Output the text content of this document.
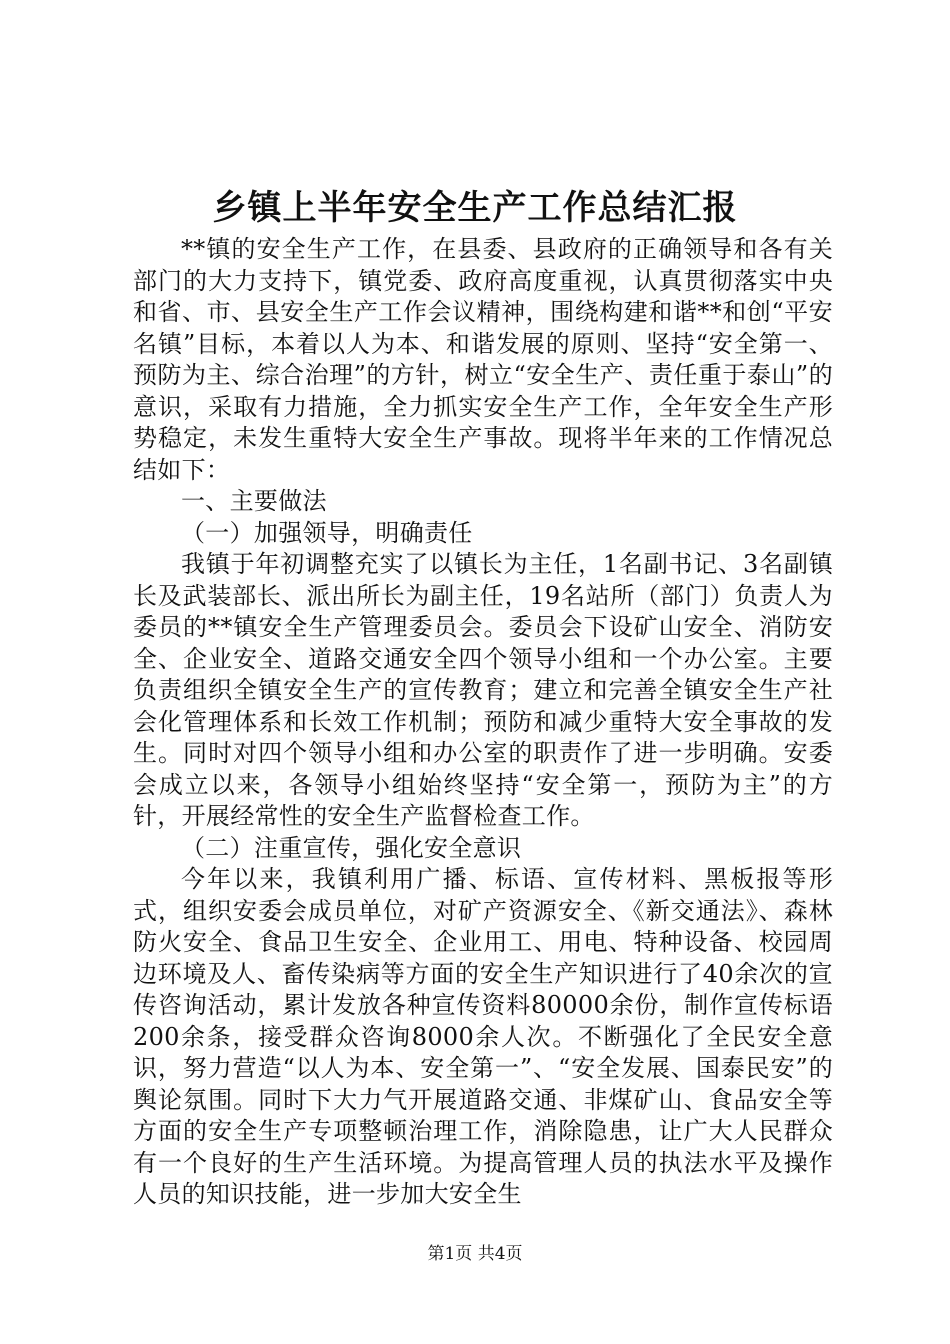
乡镇上半年安全生产工作总结汇报

**镇的安全生产工作，在县委、县政府的正确领导和各有关部门的大力支持下，镇党委、政府高度重视，认真贯彻落实中央和省、市、县安全生产工作会议精神，围绕构建和谐**和创“平安名镇”目标，本着以人为本、和谐发展的原则、坚持“安全第一、预防为主、综合治理”的方针，树立“安全生产、责任重于泰山”的意识，采取有力措施，全力抓实安全生产工作，全年安全生产形势稳定，未发生重特大安全生产事故。现将半年来的工作情况总结如下：

一、主要做法

（一）加强领导，明确责任

我镇于年初调整充实了以镇长为主任，1名副书记、3名副镇长及武装部长、派出所长为副主任，19名站所（部门）负责人为委员的**镇安全生产管理委员会。委员会下设矿山安全、消防安全、企业安全、道路交通安全四个领导小组和一个办公室。主要负责组织全镇安全生产的宣传教育；建立和完善全镇安全生产社会化管理体系和长效工作机制；预防和减少重特大安全事故的发生。同时对四个领导小组和办公室的职责作了进一步明确。安委会成立以来，各领导小组始终坚持“安全第一，预防为主”的方针，开展经常性的安全生产监督检查工作。

（二）注重宣传，强化安全意识

今年以来，我镇利用广播、标语、宣传材料、黑板报等形式，组织安委会成员单位，对矿产资源安全、《新交通法》、森林防火安全、食品卫生安全、企业用工、用电、特种设备、校园周边环境及人、畜传染病等方面的安全生产知识进行了40余次的宣传咨询活动，累计发放各种宣传资料80000余份，制作宣传标语200余条，接受群众咨询8000余人次。不断强化了全民安全意识，努力营造“以人为本、安全第一”、“安全发展、国泰民安”的舆论氛围。同时下大力气开展道路交通、非煤矿山、食品安全等方面的安全生产专项整顿治理工作，消除隐患，让广大人民群众有一个良好的生产生活环境。为提高管理人员的执法水平及操作人员的知识技能，进一步加大安全生

第1页 共4页
